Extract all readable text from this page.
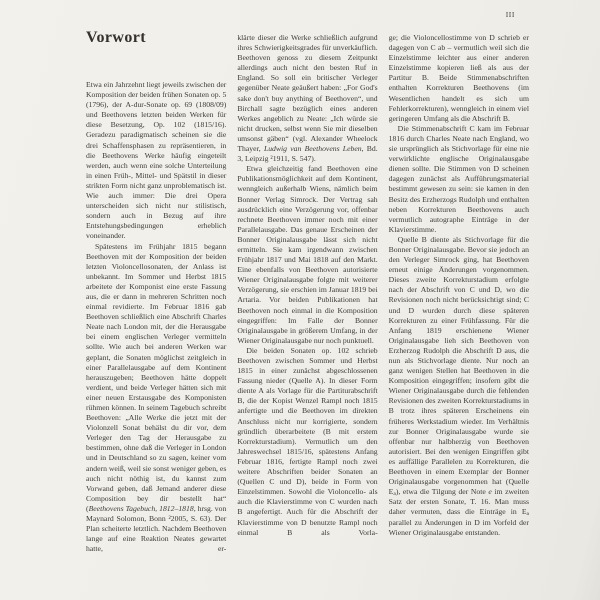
III
Vorwort

Etwa ein Jahrzehnt liegt jeweils zwischen der Komposition der beiden frühen Sonaten op. 5 (1796), der A-dur-Sonate op. 69 (1808/09) und Beethovens letzten beiden Werken für diese Besetzung, Op. 102 (1815/16). Geradezu paradigmatisch scheinen sie die drei Schaffensphasen zu repräsentieren, in die Beethovens Werke häufig eingeteilt werden, auch wenn eine solche Unterteilung in einen Früh-, Mittel- und Spätstil in dieser strikten Form nicht ganz unproblematisch ist. Wie auch immer: Die drei Opera unterscheiden sich nicht nur stilistisch, sondern auch in Bezug auf ihre Entstehungsbedingungen erheblich voneinander.

Spätestens im Frühjahr 1815 begann Beethoven mit der Komposition der beiden letzten Violoncellosonaten, der Anlass ist unbekannt. Im Sommer und Herbst 1815 arbeitete der Komponist eine erste Fassung aus, die er dann in mehreren Schritten noch einmal revidierte. Im Februar 1816 gab Beethoven schließlich eine Abschrift Charles Neate nach London mit, der die Herausgabe bei einem englischen Verleger vermitteln sollte. Wie auch bei anderen Werken war geplant, die Sonaten möglichst zeitgleich in einer Parallelausgabe auf dem Kontinent herauszugeben; Beethoven hätte doppelt verdient, und beide Verleger hätten sich mit einer neuen Erstausgabe des Komponisten rühmen können. In seinem Tagebuch schreibt Beethoven: „Alle Werke die jetzt mit der Violonzell Sonat behälst du dir vor, dem Verleger den Tag der Herausgabe zu bestimmen, ohne daß die Verleger in London und in Deutschland so zu sagen, keiner vom andern weiß, weil sie sonst weniger geben, es auch nicht nöthig ist, du kannst zum Vorwand geben, daß Jemand anderer diese Composition bey dir bestellt hat“ (Beethovens Tagebuch, 1812–1818, hrsg. von Maynard Solomon, Bonn ²2005, S. 63). Der Plan scheiterte letztlich. Nachdem Beethoven lange auf eine Reaktion Neates gewartet hatte, er-

klärte dieser die Werke schließlich aufgrund ihres Schwierigkeitsgrades für unverkäuflich. Beethoven genoss zu diesem Zeitpunkt allerdings auch nicht den besten Ruf in England. So soll ein britischer Verleger gegenüber Neate geäußert haben: „For God's sake don't buy anything of Beethoven“, und Birchall sagte bezüglich eines anderen Werkes angeblich zu Neate: „Ich würde sie nicht drucken, selbst wenn Sie mir dieselben umsonst gäben“ (vgl. Alexander Wheelock Thayer, Ludwig van Beethovens Leben, Bd. 3, Leipzig ²1911, S. 547).

Etwa gleichzeitig fand Beethoven eine Publikationsmöglichkeit auf dem Kontinent, wenngleich außerhalb Wiens, nämlich beim Bonner Verlag Simrock. Der Vertrag sah ausdrücklich eine Verzögerung vor, offenbar rechnete Beethoven immer noch mit einer Parallelausgabe. Das genaue Erscheinen der Bonner Originalausgabe lässt sich nicht ermitteln. Sie kam irgendwann zwischen Frühjahr 1817 und Mai 1818 auf den Markt. Eine ebenfalls von Beethoven autorisierte Wiener Originalausgabe folgte mit weiterer Verzögerung, sie erschien im Januar 1819 bei Artaria. Vor beiden Publikationen hat Beethoven noch einmal in die Komposition eingegriffen: Im Falle der Bonner Originalausgabe in größerem Umfang, in der Wiener Originalausgabe nur noch punktuell.

Die beiden Sonaten op. 102 schrieb Beethoven zwischen Sommer und Herbst 1815 in einer zunächst abgeschlossenen Fassung nieder (Quelle A). In dieser Form diente A als Vorlage für die Partiturabschrift B, die der Kopist Wenzel Rampl noch 1815 anfertigte und die Beethoven im direkten Anschluss nicht nur korrigierte, sondern gründlich überarbeitete (B mit erstem Korrekturstadium). Vermutlich um den Jahreswechsel 1815/16, spätestens Anfang Februar 1816, fertigte Rampl noch zwei weitere Abschriften beider Sonaten an (Quellen C und D), beide in Form von Einzelstimmen. Sowohl die Violoncello- als auch die Klavierstimme von C wurden nach B angefertigt. Auch für die Abschrift der Klavierstimme von D benutzte Rampl noch einmal B als Vorla-

ge; die Violoncellostimme von D schrieb er dagegen von C ab – vermutlich weil sich die Einzelstimme leichter aus einer anderen Einzelstimme kopieren ließ als aus der Partitur B. Beide Stimmenabschriften enthalten Korrekturen Beethovens (im Wesentlichen handelt es sich um Fehlerkorrekturen), wenngleich in einem viel geringeren Umfang als die Abschrift B.

Die Stimmenabschrift C kam im Februar 1816 durch Charles Neate nach England, wo sie ursprünglich als Stichvorlage für eine nie verwirklichte englische Originalausgabe dienen sollte. Die Stimmen von D scheinen dagegen zunächst als Aufführungsmaterial bestimmt gewesen zu sein: sie kamen in den Besitz des Erzherzogs Rudolph und enthalten neben Korrekturen Beethovens auch vermutlich autographe Einträge in der Klavierstimme.

Quelle B diente als Stichvorlage für die Bonner Originalausgabe. Bevor sie jedoch an den Verleger Simrock ging, hat Beethoven erneut einige Änderungen vorgenommen. Dieses zweite Korrekturstadium erfolgte nach der Abschrift von C und D, wo die Revisionen noch nicht berücksichtigt sind; C und D wurden durch diese späteren Korrekturen zu einer Frühfassung. Für die Anfang 1819 erschienene Wiener Originalausgabe lieh sich Beethoven von Erzherzog Rudolph die Abschrift D aus, die nun als Stichvorlage diente. Nur noch an ganz wenigen Stellen hat Beethoven in die Komposition eingegriffen; insofern gibt die Wiener Originalausgabe durch die fehlenden Revisionen des zweiten Korrekturstadiums in B trotz ihres späteren Erscheinens ein früheres Werkstadium wieder. Im Verhältnis zur Bonner Originalausgabe wurde sie offenbar nur halbherzig von Beethoven autorisiert. Bei den wenigen Eingriffen gibt es auffällige Parallelen zu Korrekturen, die Beethoven in einem Exemplar der Bonner Originalausgabe vorgenommen hat (Quelle $E_a$), etwa die Tilgung der Note e im zweiten Satz der ersten Sonate, T. 16. Man muss daher vermuten, dass die Einträge in $E_a$ parallel zu Änderungen in D im Vorfeld der Wiener Originalausgabe entstanden.
